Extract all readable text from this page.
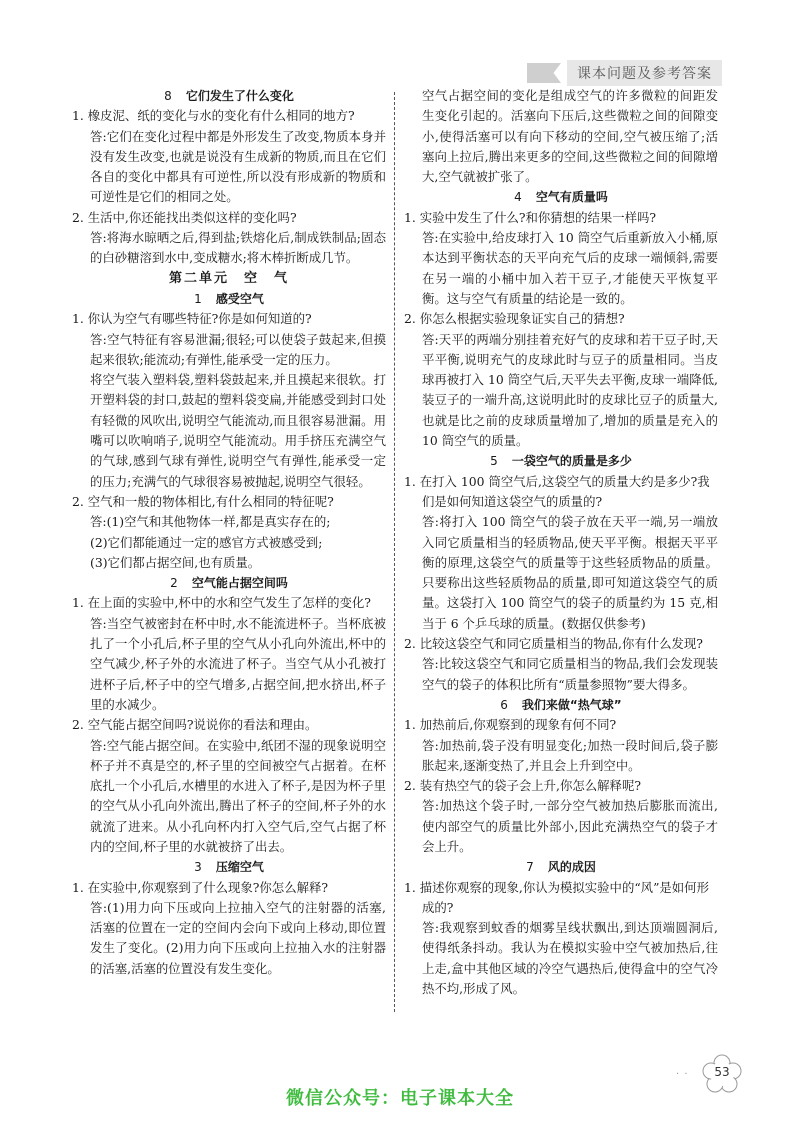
课本问题及参考答案
8 它们发生了什么变化
1. 橡皮泥、纸的变化与水的变化有什么相同的地方?
答:它们在变化过程中都是外形发生了改变,物质本身并没有发生改变,也就是说没有生成新的物质,而且在它们各自的变化中都具有可逆性,所以没有形成新的物质和可逆性是它们的相同之处。
2. 生活中,你还能找出类似这样的变化吗?
答:将海水晾晒之后,得到盐;铁熔化后,制成铁制品;固态的白砂糖溶到水中,变成糖水;将木棒折断成几节。
第二单元　空　气
1 感受空气
1. 你认为空气有哪些特征?你是如何知道的?
答:空气特征有容易泄漏;很轻;可以使袋子鼓起来,但摸起来很软;能流动;有弹性,能承受一定的压力。
将空气装入塑料袋,塑料袋鼓起来,并且摸起来很软。打开塑料袋的封口,鼓起的塑料袋变扁,并能感受到封口处有轻微的风吹出,说明空气能流动,而且很容易泄漏。用嘴可以吹响哨子,说明空气能流动。用手挤压充满空气的气球,感到气球有弹性,说明空气有弹性,能承受一定的压力;充满气的气球很容易被抛起,说明空气很轻。
2. 空气和一般的物体相比,有什么相同的特征呢?
答:(1)空气和其他物体一样,都是真实存在的;
(2)它们都能通过一定的感官方式被感受到;
(3)它们都占据空间,也有质量。
2 空气能占据空间吗
1. 在上面的实验中,杯中的水和空气发生了怎样的变化?
答:当空气被密封在杯中时,水不能流进杯子。当杯底被扎了一个小孔后,杯子里的空气从小孔向外流出,杯中的空气减少,杯子外的水流进了杯子。当空气从小孔被打进杯子后,杯子中的空气增多,占据空间,把水挤出,杯子里的水减少。
2. 空气能占据空间吗?说说你的看法和理由。
答:空气能占据空间。在实验中,纸团不湿的现象说明空杯子并不真是空的,杯子里的空间被空气占据着。在杯底扎一个小孔后,水槽里的水进入了杯子,是因为杯子里的空气从小孔向外流出,腾出了杯子的空间,杯子外的水就流了进来。从小孔向杯内打入空气后,空气占据了杯内的空间,杯子里的水就被挤了出去。
3 压缩空气
1. 在实验中,你观察到了什么现象?你怎么解释?
答:(1)用力向下压或向上拉抽入空气的注射器的活塞,活塞的位置在一定的空间内会向下或向上移动,即位置发生了变化。(2)用力向下压或向上拉抽入水的注射器的活塞,活塞的位置没有发生变化。
空气占据空间的变化是组成空气的许多微粒的间距发生变化引起的。活塞向下压后,这些微粒之间的间隙变小,使得活塞可以有向下移动的空间,空气被压缩了;活塞向上拉后,腾出来更多的空间,这些微粒之间的间隙增大,空气就被扩张了。
4 空气有质量吗
1. 实验中发生了什么?和你猜想的结果一样吗?
答:在实验中,给皮球打入 10 筒空气后重新放入小桶,原本达到平衡状态的天平向充气后的皮球一端倾斜,需要在另一端的小桶中加入若干豆子,才能使天平恢复平衡。这与空气有质量的结论是一致的。
2. 你怎么根据实验现象证实自己的猜想?
答:天平的两端分别挂着充好气的皮球和若干豆子时,天平平衡,说明充气的皮球此时与豆子的质量相同。当皮球再被打入 10 筒空气后,天平失去平衡,皮球一端降低,装豆子的一端升高,这说明此时的皮球比豆子的质量大,也就是比之前的皮球质量增加了,增加的质量是充入的 10 筒空气的质量。
5 一袋空气的质量是多少
1. 在打入 100 筒空气后,这袋空气的质量大约是多少?我们是如何知道这袋空气的质量的?
答:将打入 100 筒空气的袋子放在天平一端,另一端放入同它质量相当的轻质物品,使天平平衡。根据天平平衡的原理,这袋空气的质量等于这些轻质物品的质量。只要称出这些轻质物品的质量,即可知道这袋空气的质量。这袋打入 100 筒空气的袋子的质量约为 15 克,相当于 6 个乒乓球的质量。(数据仅供参考)
2. 比较这袋空气和同它质量相当的物品,你有什么发现?
答:比较这袋空气和同它质量相当的物品,我们会发现装空气的袋子的体积比所有“质量参照物”要大得多。
6 我们来做“热气球”
1. 加热前后,你观察到的现象有何不同?
答:加热前,袋子没有明显变化;加热一段时间后,袋子膨胀起来,逐渐变热了,并且会上升到空中。
2. 装有热空气的袋子会上升,你怎么解释呢?
答:加热这个袋子时,一部分空气被加热后膨胀而流出,使内部空气的质量比外部小,因此充满热空气的袋子才会上升。
7 风的成因
1. 描述你观察的现象,你认为模拟实验中的“风”是如何形成的?
答:我观察到蚊香的烟雾呈线状飘出,到达顶端圆洞后,使得纸条抖动。我认为在模拟实验中空气被加热后,往上走,盒中其他区域的冷空气遇热后,使得盒中的空气冷热不均,形成了风。
· ·	53
微信公众号：电子课本大全
